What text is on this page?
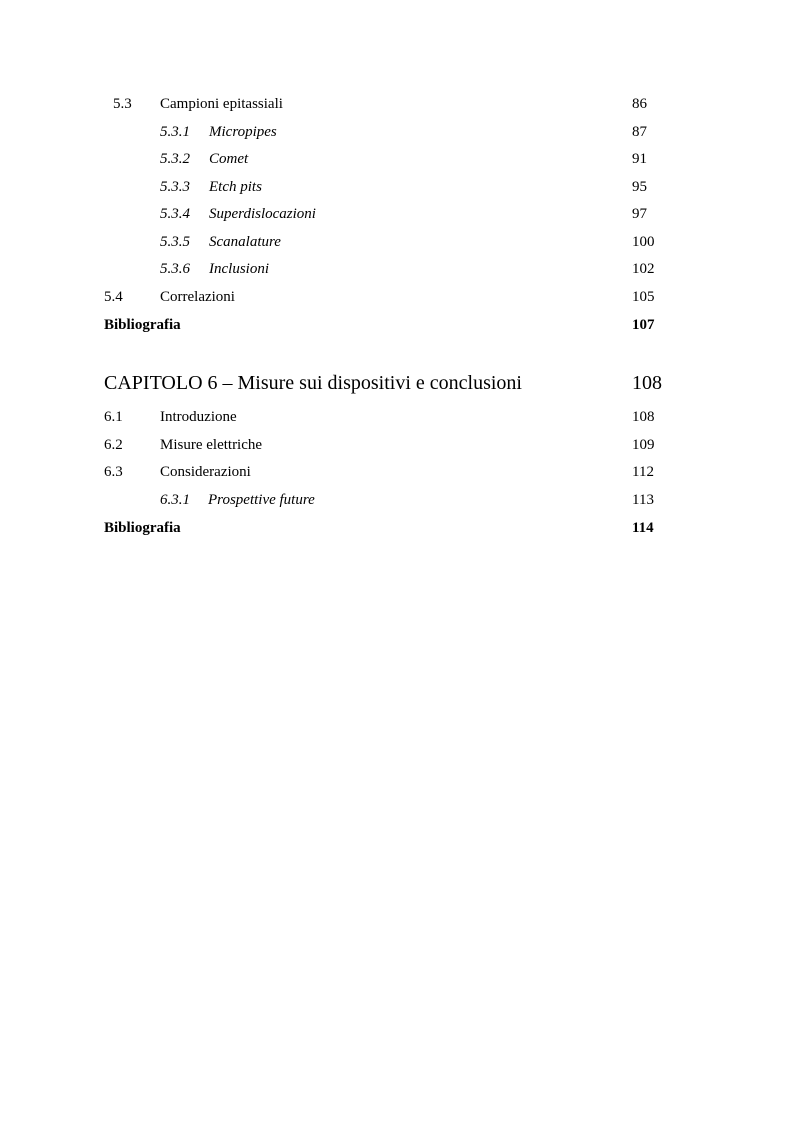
5.3 Campioni epitassiali	86
5.3.1 Micropipes	87
5.3.2 Comet	91
5.3.3 Etch pits	95
5.3.4 Superdislocazioni	97
5.3.5 Scanalature	100
5.3.6 Inclusioni	102
5.4 Correlazioni	105
Bibliografia	107
CAPITOLO 6 – Misure sui dispositivi e conclusioni	108
6.1 Introduzione	108
6.2 Misure elettriche	109
6.3 Considerazioni	112
6.3.1 Prospettive future	113
Bibliografia	114
